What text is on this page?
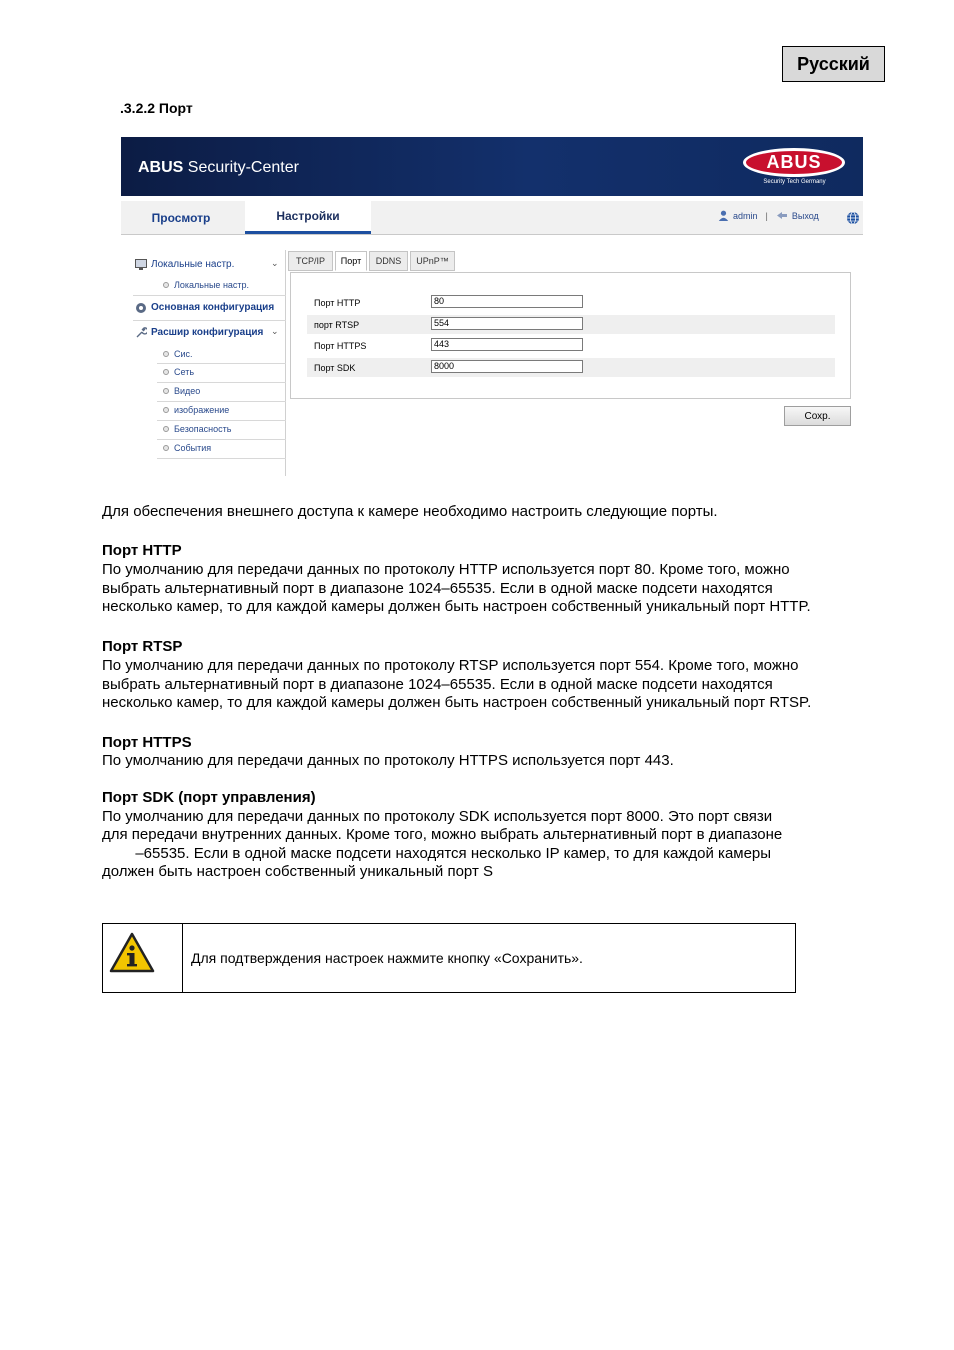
Русский
.3.2.2 Порт
ABUS Security-Center	ABUS
Security Tech Germany
Просмотр	Настройки	admin |	Выход
Локальные настр.	⌄
Локальные настр.
Основная конфигурация
Расшир конфигурация ⌄
Сис.
Сеть
Видео
изображение
Безопасность
События
TCP/IP	Порт	DDNS	UPnP™
Порт HTTP	80
порт RTSP	554
Порт HTTPS	443
Порт SDK	8000
Сохр.
Для обеспечения внешнего доступа к камере необходимо настроить следующие порты.
Порт HTTP
По умолчанию для передачи данных по протоколу HTTP используется порт 80. Кроме того, можно
выбрать альтернативный порт в диапазоне 1024–65535. Если в одной маске подсети находятся
несколько камер, то для каждой камеры должен быть настроен собственный уникальный порт HTTP.
Порт RTSP
По умолчанию для передачи данных по протоколу RTSP используется порт 554. Кроме того, можно
выбрать альтернативный порт в диапазоне 1024–65535. Если в одной маске подсети находятся
несколько камер, то для каждой камеры должен быть настроен собственный уникальный порт RTSP.
Порт HTTPS
По умолчанию для передачи данных по протоколу HTTPS используется порт 443.
Порт SDK (порт управления)
По умолчанию для передачи данных по протоколу SDK используется порт 8000. Это порт связи
для передачи внутренних данных. Кроме того, можно выбрать альтернативный порт в диапазоне
–65535. Если в одной маске подсети находятся несколько IP камер, то для каждой камеры
должен быть настроен собственный уникальный порт S
Для подтверждения настроек нажмите кнопку «Сохранить».
